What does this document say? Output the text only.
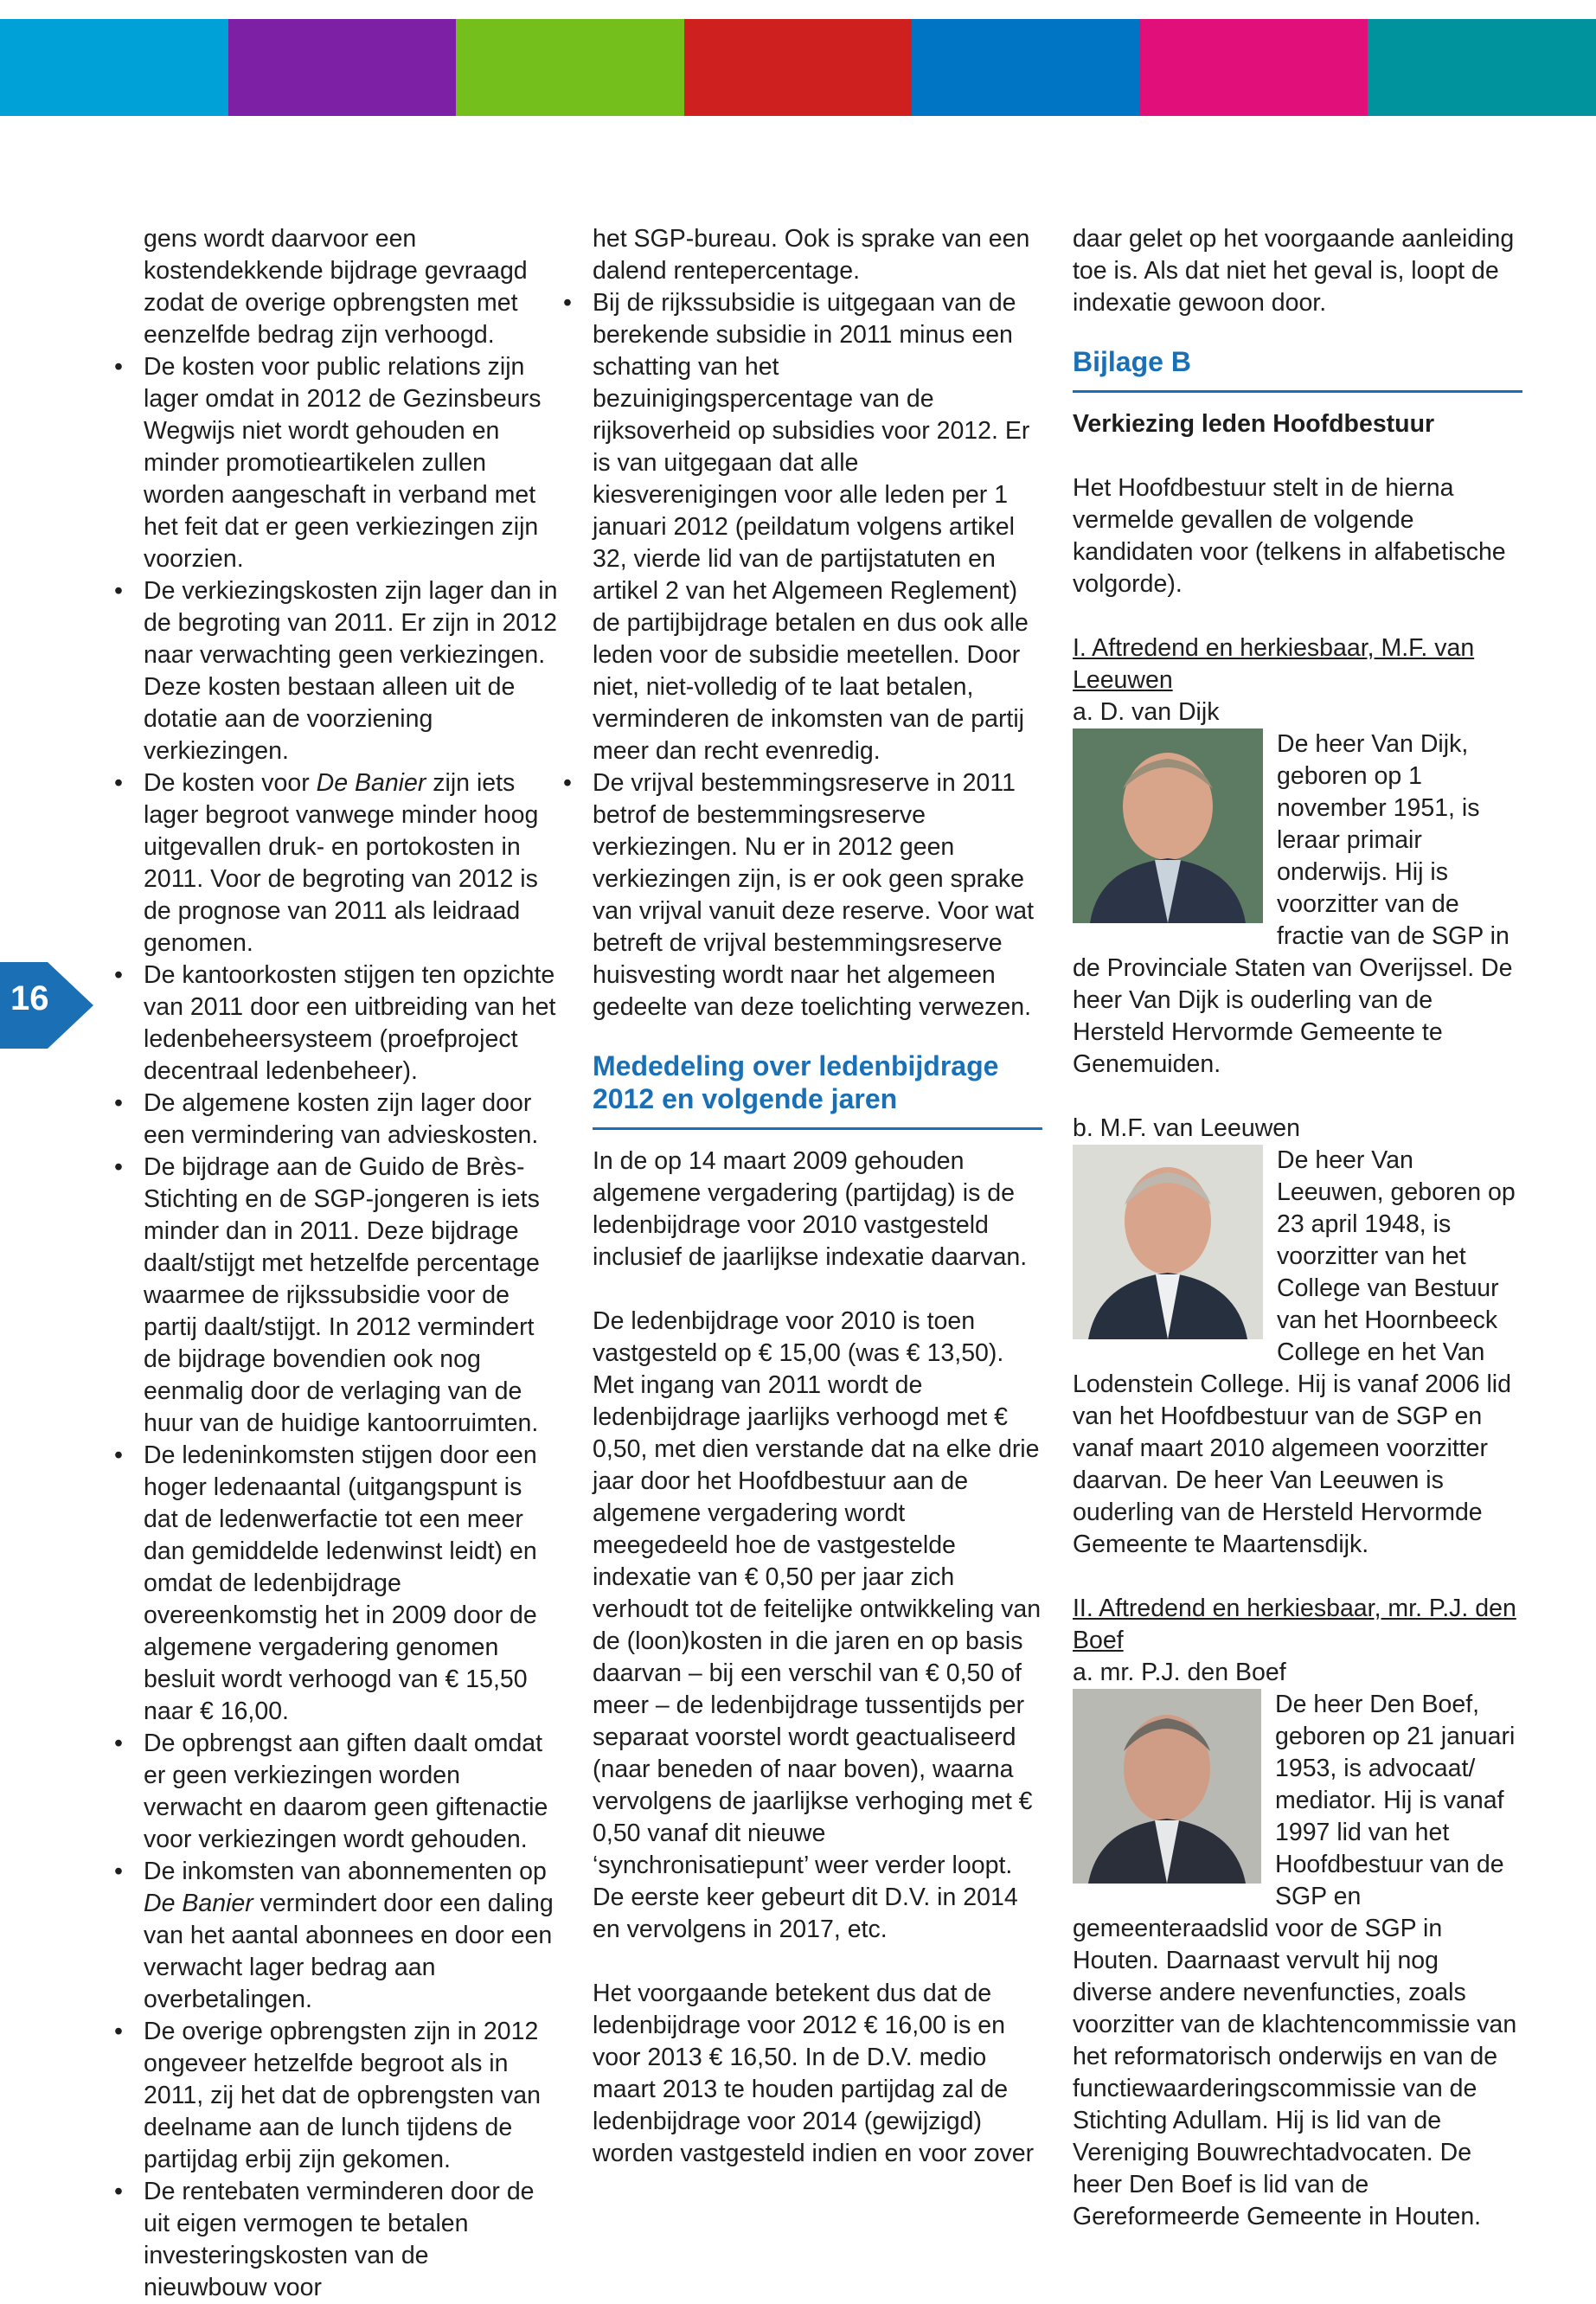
16

gens wordt daarvoor een kostendekkende bijdrage gevraagd zodat de overige opbrengsten met eenzelfde bedrag zijn verhoogd.

• De kosten voor public relations zijn lager omdat in 2012 de Gezinsbeurs Wegwijs niet wordt gehouden en minder promotieartikelen zullen worden aangeschaft in verband met het feit dat er geen verkiezingen zijn voorzien.
• De verkiezingskosten zijn lager dan in de begroting van 2011. Er zijn in 2012 naar verwachting geen verkiezingen. Deze kosten bestaan alleen uit de dotatie aan de voorziening verkiezingen.
• De kosten voor De Banier zijn iets lager begroot vanwege minder hoog uitgevallen druk- en portokosten in 2011. Voor de begroting van 2012 is de prognose van 2011 als leidraad genomen.
• De kantoorkosten stijgen ten opzichte van 2011 door een uitbreiding van het ledenbeheersysteem (proefproject decentraal ledenbeheer).
• De algemene kosten zijn lager door een vermindering van advieskosten.
• De bijdrage aan de Guido de Brès-Stichting en de SGP-jongeren is iets minder dan in 2011. Deze bijdrage daalt/stijgt met hetzelfde percentage waarmee de rijkssubsidie voor de partij daalt/stijgt. In 2012 vermindert de bijdrage bovendien ook nog eenmalig door de verlaging van de huur van de huidige kantoorruimten.
• De ledeninkomsten stijgen door een hoger ledenaantal (uitgangspunt is dat de ledenwerfactie tot een meer dan gemiddelde ledenwinst leidt) en omdat de ledenbijdrage overeenkomstig het in 2009 door de algemene vergadering genomen besluit wordt verhoogd van € 15,50 naar € 16,00.
• De opbrengst aan giften daalt omdat er geen verkiezingen worden verwacht en daarom geen giftenactie voor verkiezingen wordt gehouden.
• De inkomsten van abonnementen op De Banier vermindert door een daling van het aantal abonnees en door een verwacht lager bedrag aan overbetalingen.
• De overige opbrengsten zijn in 2012 ongeveer hetzelfde begroot als in 2011, zij het dat de opbrengsten van deelname aan de lunch tijdens de partijdag erbij zijn gekomen.
• De rentebaten verminderen door de uit eigen vermogen te betalen investeringskosten van de nieuwbouw voor

het SGP-bureau. Ook is sprake van een dalend rentepercentage.

• Bij de rijkssubsidie is uitgegaan van de berekende subsidie in 2011 minus een schatting van het bezuinigingspercentage van de rijksoverheid op subsidies voor 2012. Er is van uitgegaan dat alle kiesverenigingen voor alle leden per 1 januari 2012 (peildatum volgens artikel 32, vierde lid van de partijstatuten en artikel 2 van het Algemeen Reglement) de partijbijdrage betalen en dus ook alle leden voor de subsidie meetellen. Door niet, niet-volledig of te laat betalen, verminderen de inkomsten van de partij meer dan recht evenredig.
• De vrijval bestemmingsreserve in 2011 betrof de bestemmingsreserve verkiezingen. Nu er in 2012 geen verkiezingen zijn, is er ook geen sprake van vrijval vanuit deze reserve. Voor wat betreft de vrijval bestemmingsreserve huisvesting wordt naar het algemeen gedeelte van deze toelichting verwezen.
Mededeling over ledenbijdrage 2012 en volgende jaren

In de op 14 maart 2009 gehouden algemene vergadering (partijdag) is de ledenbijdrage voor 2010 vastgesteld inclusief de jaarlijkse indexatie daarvan.

De ledenbijdrage voor 2010 is toen vastgesteld op € 15,00 (was € 13,50). Met ingang van 2011 wordt de ledenbijdrage jaarlijks verhoogd met € 0,50, met dien verstande dat na elke drie jaar door het Hoofdbestuur aan de algemene vergadering wordt meegedeeld hoe de vastgestelde indexatie van € 0,50 per jaar zich verhoudt tot de feitelijke ontwikkeling van de (loon)kosten in die jaren en op basis daarvan – bij een verschil van € 0,50 of meer – de ledenbijdrage tussentijds per separaat voorstel wordt geactualiseerd (naar beneden of naar boven), waarna vervolgens de jaarlijkse verhoging met € 0,50 vanaf dit nieuwe ‘synchronisatiepunt’ weer verder loopt. De eerste keer gebeurt dit D.V. in 2014 en vervolgens in 2017, etc.

Het voorgaande betekent dus dat de ledenbijdrage voor 2012 € 16,00 is en voor 2013 € 16,50. In de D.V. medio maart 2013 te houden partijdag zal de ledenbijdrage voor 2014 (gewijzigd) worden vastgesteld indien en voor zover

daar gelet op het voorgaande aanleiding toe is. Als dat niet het geval is, loopt de indexatie gewoon door.

Bijlage B

Verkiezing leden Hoofdbestuur

Het Hoofdbestuur stelt in de hierna vermelde gevallen de volgende kandidaten voor (telkens in alfabetische volgorde).

I. Aftredend en herkiesbaar, M.F. van Leeuwen

a. D. van Dijk

De heer Van Dijk, geboren op 1 november 1951, is leraar primair onderwijs. Hij is voorzitter van de fractie van de SGP in de Provinciale Staten van Overijssel. De heer Van Dijk is ouderling van de Hersteld Hervormde Gemeente te Genemuiden.

b. M.F. van Leeuwen

De heer Van Leeuwen, geboren op 23 april 1948, is voorzitter van het College van Bestuur van het Hoornbeeck College en het Van Lodenstein College. Hij is vanaf 2006 lid van het Hoofdbestuur van de SGP en vanaf maart 2010 algemeen voorzitter daarvan. De heer Van Leeuwen is ouderling van de Hersteld Hervormde Gemeente te Maartensdijk.

II. Aftredend en herkiesbaar, mr. P.J. den Boef

a. mr. P.J. den Boef

De heer Den Boef, geboren op 21 januari 1953, is advocaat/ mediator. Hij is vanaf 1997 lid van het Hoofdbestuur van de SGP en gemeenteraadslid voor de SGP in Houten. Daarnaast vervult hij nog diverse andere nevenfuncties, zoals voorzitter van de klachtencommissie van het reformatorisch onderwijs en van de functiewaarderingscommissie van de Stichting Adullam. Hij is lid van de Vereniging Bouwrechtadvocaten. De heer Den Boef is lid van de Gereformeerde Gemeente in Houten.
